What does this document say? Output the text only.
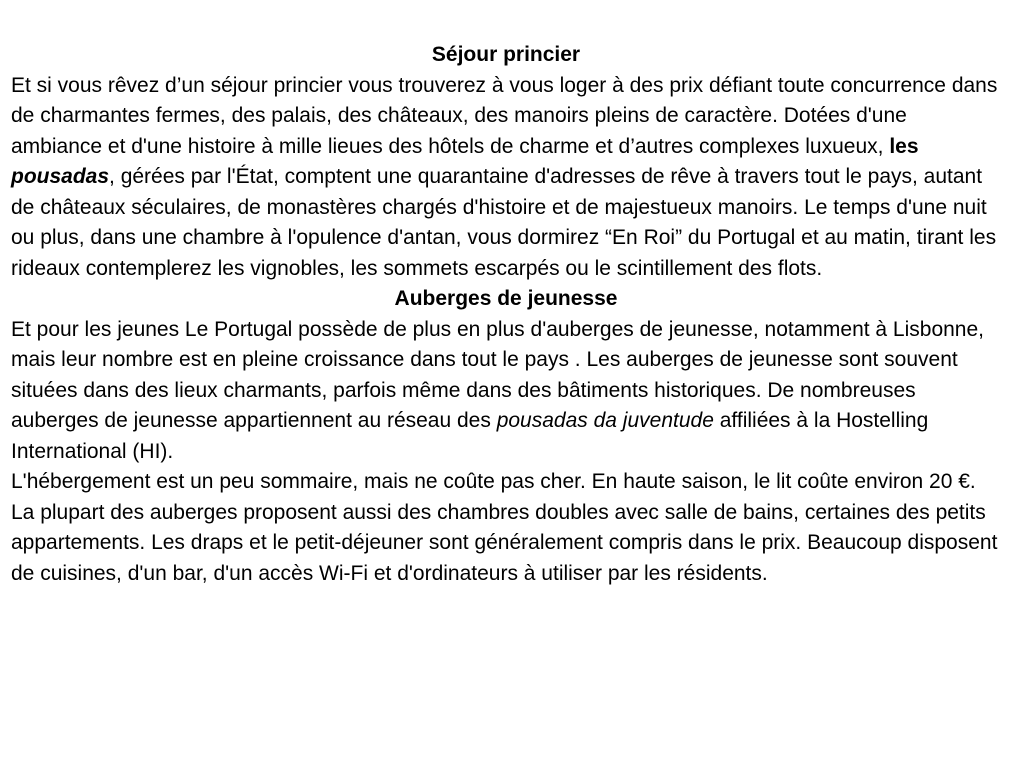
Séjour princier

Et si vous rêvez d’un séjour princier vous trouverez à vous loger à des prix défiant toute concurrence dans de charmantes fermes, des palais, des châteaux, des manoirs pleins de caractère. Dotées d'une ambiance et d'une histoire à mille lieues des hôtels de charme et d’autres complexes luxueux, les pousadas, gérées par l'État, comptent une quarantaine d'adresses de rêve à travers tout le pays, autant de châteaux séculaires, de monastères chargés d'histoire et de majestueux manoirs. Le temps d'une nuit ou plus, dans une chambre à l'opulence d'antan, vous dormirez “En Roi” du Portugal et au matin, tirant les rideaux contemplerez les vignobles, les sommets escarpés ou le scintillement des flots.

Auberges de jeunesse

Et pour les jeunes Le Portugal possède de plus en plus d'auberges de jeunesse, notamment à Lisbonne, mais leur nombre est en pleine croissance dans tout le pays . Les auberges de jeunesse sont souvent situées dans des lieux charmants, parfois même dans des bâtiments historiques. De nombreuses auberges de jeunesse appartiennent au réseau des pousadas da juventude affiliées à la Hostelling International (HI).

L'hébergement est un peu sommaire, mais ne coûte pas cher. En haute saison, le lit coûte environ 20 €. La plupart des auberges proposent aussi des chambres doubles avec salle de bains, certaines des petits appartements. Les draps et le petit-déjeuner sont généralement compris dans le prix. Beaucoup disposent de cuisines, d'un bar, d'un accès Wi-Fi et d'ordinateurs à utiliser par les résidents.
